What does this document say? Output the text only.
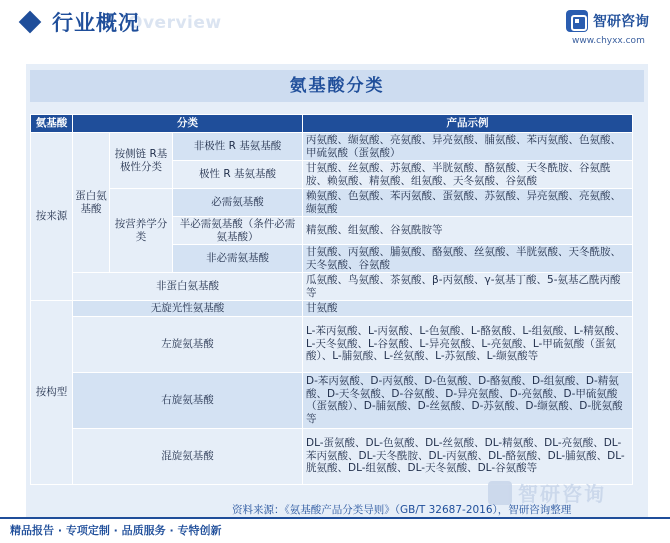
Overview
行业概况	智研咨询
www.chyxx.com
氨基酸分类
氨基酸	分类			产品示例
按来源	蛋白氨基酸	按侧链 R基极性分类	非极性 R 基氨基酸	丙氨酸、缬氨酸、亮氨酸、异亮氨酸、脯氨酸、苯丙氨酸、色氨酸、甲硫氨酸（蛋氨酸）
			极性 R 基氨基酸	甘氨酸、丝氨酸、苏氨酸、半胱氨酸、酪氨酸、天冬酰胺、谷氨酰胺、赖氨酸、精氨酸、组氨酸、天冬氨酸、谷氨酸
		按营养学分类	必需氨基酸	赖氨酸、色氨酸、苯丙氨酸、蛋氨酸、苏氨酸、异亮氨酸、亮氨酸、缬氨酸
			半必需氨基酸（条件必需氨基酸）	精氨酸、组氨酸、谷氨酰胺等
			非必需氨基酸	甘氨酸、丙氨酸、脯氨酸、酪氨酸、丝氨酸、半胱氨酸、天冬酰胺、天冬氨酸、谷氨酸
	非蛋白氨基酸			瓜氨酸、鸟氨酸、茶氨酸、β-丙氨酸、γ-氨基丁酸、5-氨基乙酰丙酸等
按构型	无旋光性氨基酸			甘氨酸
	左旋氨基酸			L-苯丙氨酸、L-丙氨酸、L-色氨酸、L-酪氨酸、L-组氨酸、L-精氨酸、L-天冬氨酸、L-谷氨酸、L-异亮氨酸、L-亮氨酸、L-甲硫氨酸（蛋氨酸）、L-脯氨酸、L-丝氨酸、L-苏氨酸、L-缬氨酸等
	右旋氨基酸			D-苯丙氨酸、D-丙氨酸、D-色氨酸、D-酪氨酸、D-组氨酸、D-精氨酸、D-天冬氨酸、D-谷氨酸、D-异亮氨酸、D-亮氨酸、D-甲硫氨酸（蛋氨酸）、D-脯氨酸、D-丝氨酸、D-苏氨酸、D-缬氨酸、D-胱氨酸等
	混旋氨基酸			DL-蛋氨酸、DL-色氨酸、DL-丝氨酸、DL-精氨酸、DL-亮氨酸、DL-苯丙氨酸、DL-天冬酰胺、DL-丙氨酸、DL-酪氨酸、DL-脯氨酸、DL-胱氨酸、DL-组氨酸、DL-天冬氨酸、DL-谷氨酸等
智研咨询
资料来源：《氨基酸产品分类导则》（GB/T 32687-2016），智研咨询整理
精品报告 · 专项定制 · 品质服务 · 专特创新
